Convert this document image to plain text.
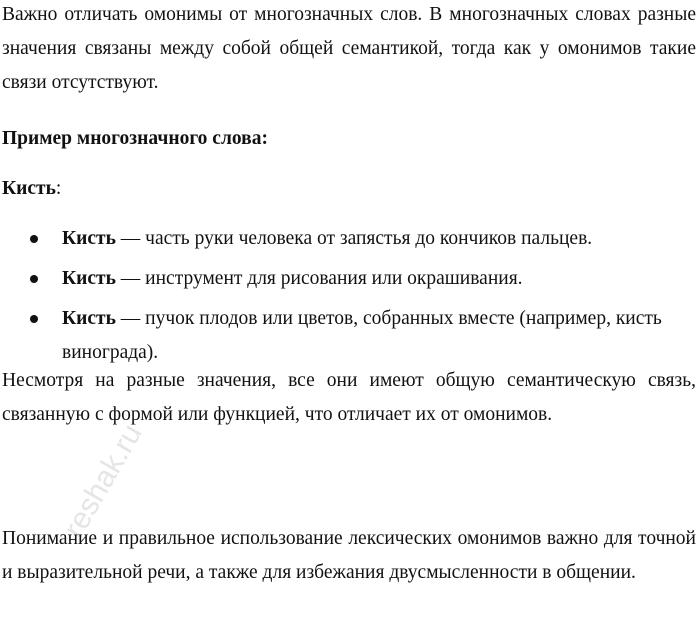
Важно отличать омонимы от многозначных слов. В многозначных словах разные значения связаны между собой общей семантикой, тогда как у омонимов такие связи отсутствуют.

Пример многозначного слова:

Кисть:

Кисть — часть руки человека от запястья до кончиков пальцев.
Кисть — инструмент для рисования или окрашивания.
Кисть — пучок плодов или цветов, собранных вместе (например, кисть винограда).

Несмотря на разные значения, все они имеют общую семантическую связь, связанную с формой или функцией, что отличает их от омонимов.

Понимание и правильное использование лексических омонимов важно для точной и выразительной речи, а также для избежания двусмысленности в общении.

reshak.ru
